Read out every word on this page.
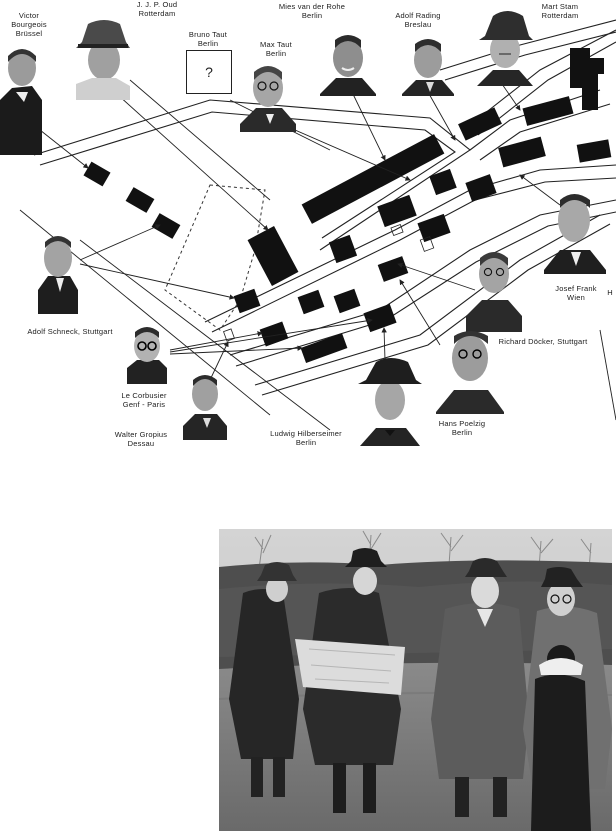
?
Victor
Bourgeois
Brüssel
J. J. P. Oud
Rotterdam
Mies van der Rohe
Berlin	Adolf Rading
Breslau
Mart Stam
Rotterdam
Bruno Taut
Berlin	Max Taut
Berlin
Adolf Schneck, Stuttgart
Josef Frank
Wien
H
Richard Döcker, Stuttgart
Le Corbusier
Genf - Paris
Walter Gropius
Dessau
Ludwig Hilberseimer
Berlin
Hans Poelzig
Berlin
